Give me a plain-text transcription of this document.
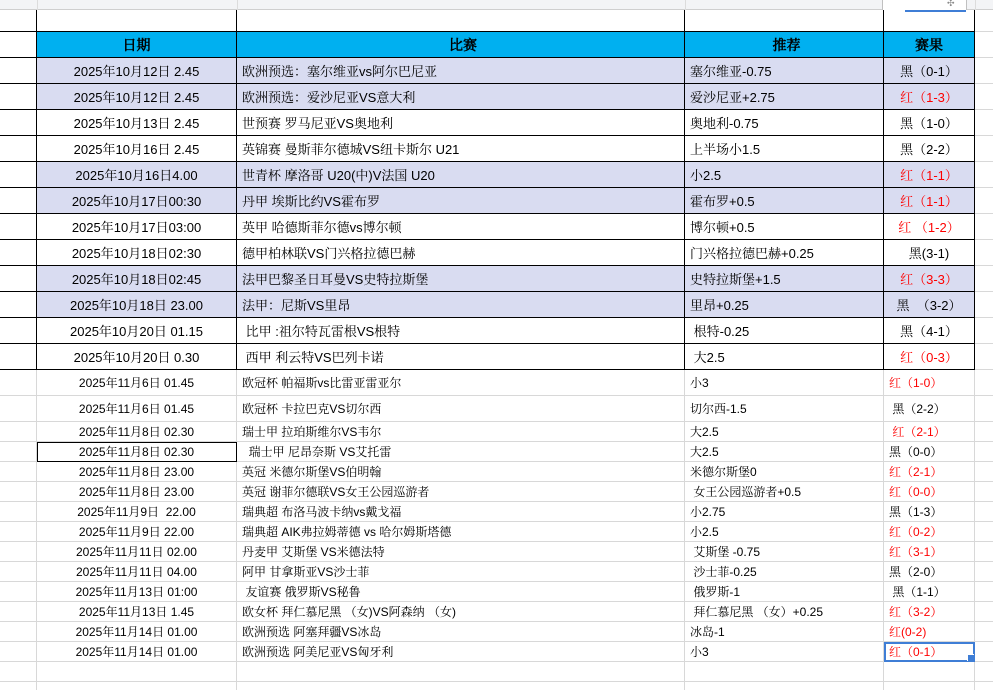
✣
日期	比赛	推荐	赛果
2025年10月12日 2.45	欧洲预选：塞尔维亚vs阿尔巴尼亚	塞尔维亚-0.75	黑（0-1）
2025年10月12日 2.45	欧洲预选：爱沙尼亚VS意大利	爱沙尼亚+2.75	红（1-3）
2025年10月13日 2.45	世预赛 罗马尼亚VS奥地利	奥地利-0.75	黑（1-0）
2025年10月16日 2.45	英锦赛 曼斯菲尔德城VS纽卡斯尔 U21	上半场小1.5	黑（2-2）
2025年10月16日4.00	世青杯 摩洛哥 U20(中)V法国 U20	小2.5	红（1-1）
2025年10月17日00:30	丹甲 埃斯比约VS霍布罗	霍布罗+0.5	红（1-1）
2025年10月17日03:00	英甲 哈德斯菲尔德vs博尔顿	博尔顿+0.5	红 （1-2）
2025年10月18日02:30	德甲柏林联VS门兴格拉德巴赫	门兴格拉德巴赫+0.25	黑(3-1)
2025年10月18日02:45	法甲巴黎圣日耳曼VS史特拉斯堡	史特拉斯堡+1.5	红（3-3）
2025年10月18日 23.00	法甲：尼斯VS里昂	里昂+0.25	黑  （3-2）
2025年10月20日 01.15	比甲 :祖尔特瓦雷根VS根特	根特-0.25	黑（4-1）
2025年10月20日 0.30	西甲 利云特VS巴列卡诺	大2.5	红（0-3）
2025年11月6日 01.45	欧冠杯 帕福斯vs比雷亚雷亚尔	小3	红（1-0）
2025年11月6日 01.45	欧冠杯 卡拉巴克VS切尔西	切尔西-1.5	黑（2-2）
2025年11月8日 02.30	瑞士甲 拉珀斯维尔VS韦尔	大2.5	红（2-1）
2025年11月8日 02.30	瑞士甲 尼昂奈斯 VS艾托雷	大2.5	黑（0-0）
2025年11月8日 23.00	英冠 米德尔斯堡VS伯明翰	米德尔斯堡0	红（2-1）
2025年11月8日 23.00	英冠 谢菲尔德联VS女王公园巡游者	女王公园巡游者+0.5	红（0-0）
2025年11月9日  22.00	瑞典超 布洛马波卡纳vs戴戈福	小2.75	黑（1-3）
2025年11月9日 22.00	瑞典超 AIK弗拉姆蒂德 vs 哈尔姆斯塔德	小2.5	红（0-2）
2025年11月11日 02.00	丹麦甲 艾斯堡 VS米德法特	艾斯堡 -0.75	红（3-1）
2025年11月11日 04.00	阿甲 甘拿斯亚VS沙士菲	沙士菲-0.25	黑（2-0）
2025年11月13日 01:00	友谊赛 俄罗斯VS秘鲁	俄罗斯-1	黑（1-1）
2025年11月13日 1.45	欧女杯 拜仁慕尼黑 （女)VS阿森纳 （女)	拜仁慕尼黑 （女）+0.25	红（3-2）
2025年11月14日 01.00	欧洲预选 阿塞拜疆VS冰岛	冰岛-1	红(0-2)
2025年11月14日 01.00	欧洲预选 阿美尼亚VS匈牙利	小3	红（0-1）
